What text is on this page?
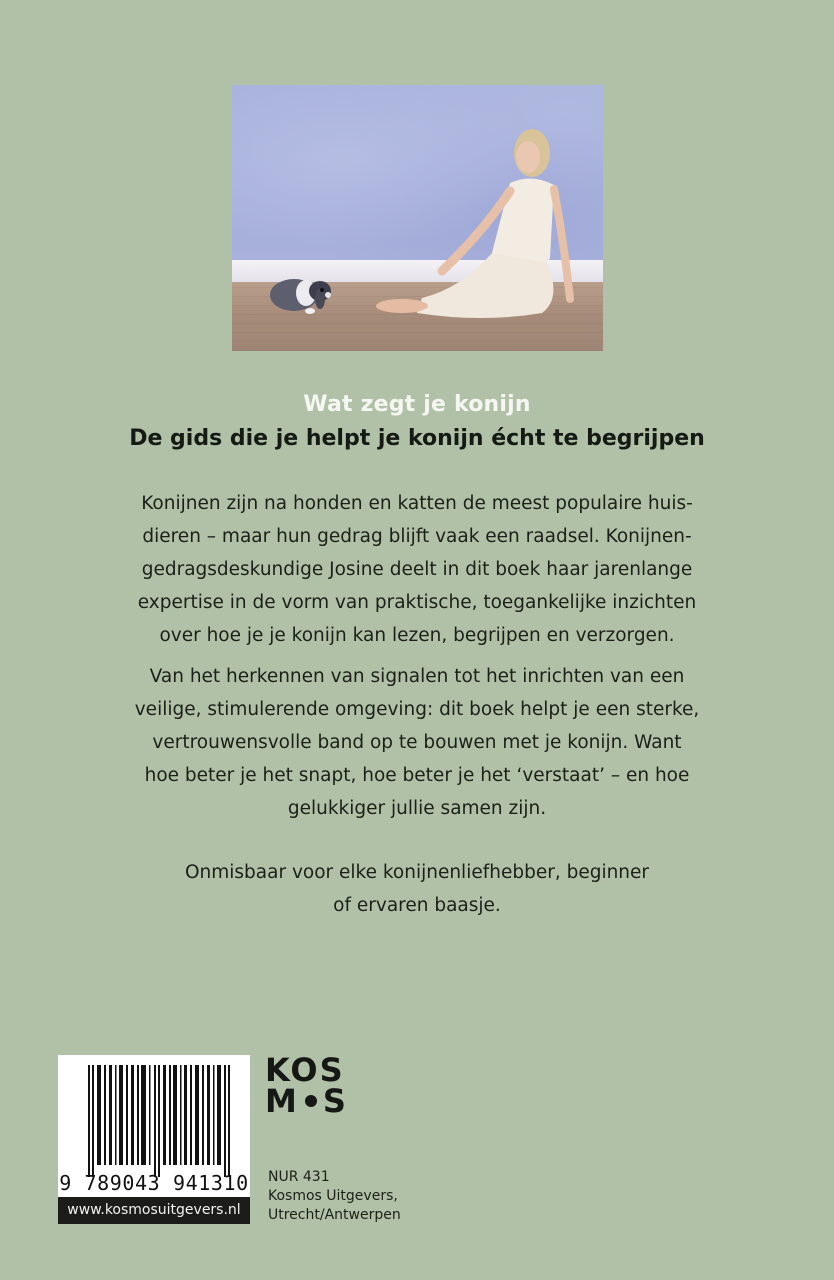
Wat zegt je konijn
De gids die je helpt je konijn écht te begrijpen
Konijnen zijn na honden en katten de meest populaire huis-
dieren – maar hun gedrag blijft vaak een raadsel. Konijnen-
gedragsdeskundige Josine deelt in dit boek haar jarenlange
expertise in de vorm van praktische, toegankelijke inzichten
over hoe je je konijn kan lezen, begrijpen en verzorgen.
Van het herkennen van signalen tot het inrichten van een
veilige, stimulerende omgeving: dit boek helpt je een sterke,
vertrouwensvolle band op te bouwen met je konijn. Want
hoe beter je het snapt, hoe beter je het ‘verstaat’ – en hoe
gelukkiger jullie samen zijn.
Onmisbaar voor elke konijnenliefhebber, beginner
of ervaren baasje.
9 789043 941310
www.kosmosuitgevers.nl
KOS
M S
NUR 431
Kosmos Uitgevers,
Utrecht/Antwerpen
